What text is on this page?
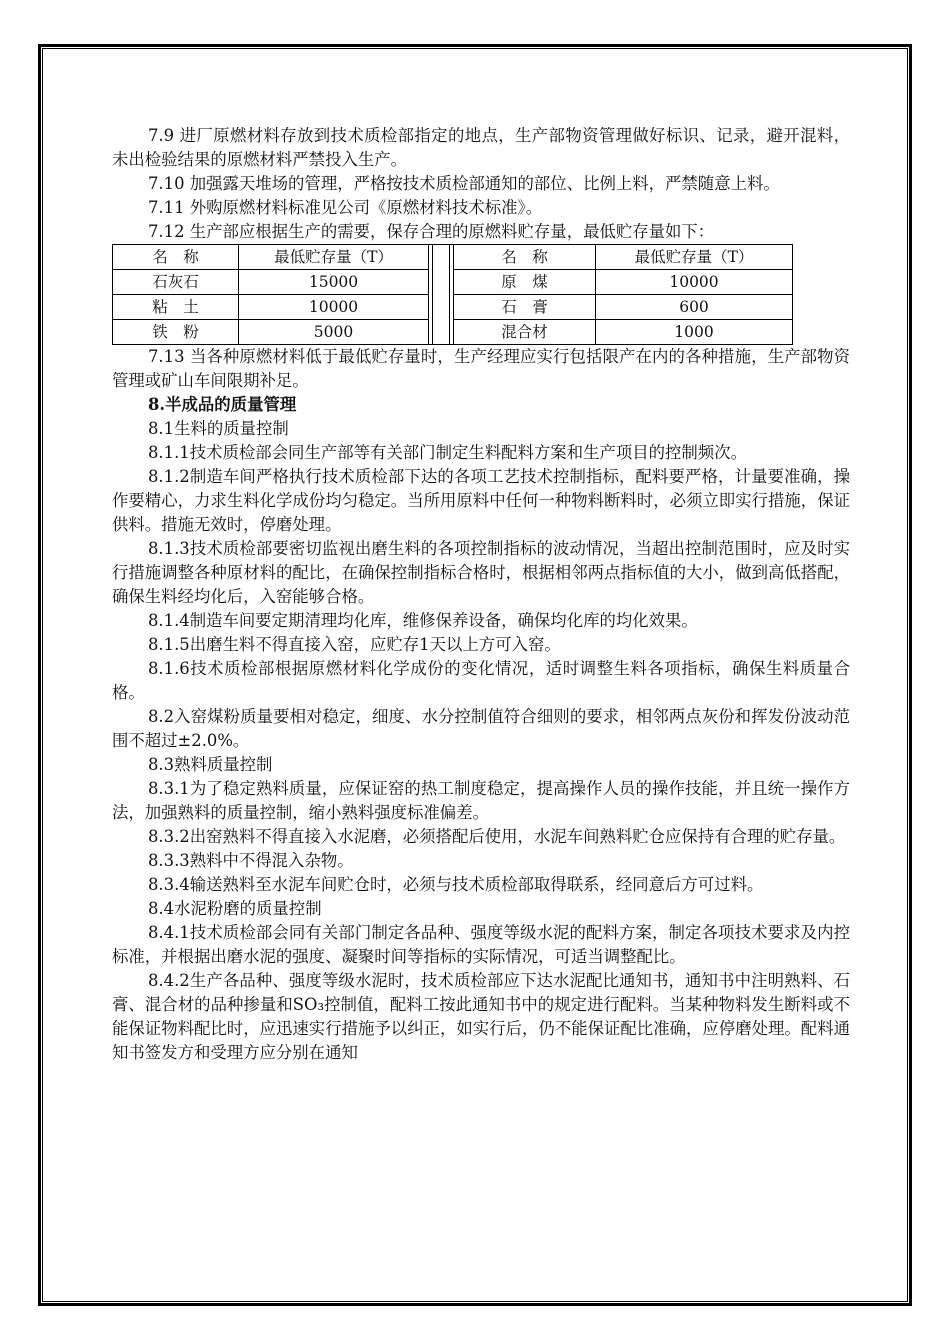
7.9 进厂原燃材料存放到技术质检部指定的地点，生产部物资管理做好标识、记录，避开混料，未出检验结果的原燃材料严禁投入生产。

7.10 加强露天堆场的管理，严格按技术质检部通知的部位、比例上料，严禁随意上料。

7.11 外购原燃材料标准见公司《原燃材料技术标准》。

7.12 生产部应根据生产的需要，保存合理的原燃料贮存量，最低贮存量如下：

名　称	最低贮存量（T）
石灰石	15000
粘　土	10000
铁　粉	5000
名　称	最低贮存量（T）
原　煤	10000
石　膏	600
混合材	1000

7.13 当各种原燃材料低于最低贮存量时，生产经理应实行包括限产在内的各种措施，生产部物资管理或矿山车间限期补足。

8.半成品的质量管理

8.1生料的质量控制

8.1.1技术质检部会同生产部等有关部门制定生料配料方案和生产项目的控制频次。

8.1.2制造车间严格执行技术质检部下达的各项工艺技术控制指标，配料要严格，计量要准确，操作要精心，力求生料化学成份均匀稳定。当所用原料中任何一种物料断料时，必须立即实行措施，保证供料。措施无效时，停磨处理。

8.1.3技术质检部要密切监视出磨生料的各项控制指标的波动情况，当超出控制范围时，应及时实行措施调整各种原材料的配比，在确保控制指标合格时，根据相邻两点指标值的大小，做到高低搭配，确保生料经均化后，入窑能够合格。

8.1.4制造车间要定期清理均化库，维修保养设备，确保均化库的均化效果。

8.1.5出磨生料不得直接入窑，应贮存1天以上方可入窑。

8.1.6技术质检部根据原燃材料化学成份的变化情况，适时调整生料各项指标，确保生料质量合格。

8.2入窑煤粉质量要相对稳定，细度、水分控制值符合细则的要求，相邻两点灰份和挥发份波动范围不超过±2.0%。

8.3熟料质量控制

8.3.1为了稳定熟料质量，应保证窑的热工制度稳定，提高操作人员的操作技能，并且统一操作方法，加强熟料的质量控制，缩小熟料强度标准偏差。

8.3.2出窑熟料不得直接入水泥磨，必须搭配后使用，水泥车间熟料贮仓应保持有合理的贮存量。

8.3.3熟料中不得混入杂物。

8.3.4输送熟料至水泥车间贮仓时，必须与技术质检部取得联系，经同意后方可过料。

8.4水泥粉磨的质量控制

8.4.1技术质检部会同有关部门制定各品种、强度等级水泥的配料方案，制定各项技术要求及内控标准，并根据出磨水泥的强度、凝聚时间等指标的实际情况，可适当调整配比。

8.4.2生产各品种、强度等级水泥时，技术质检部应下达水泥配比通知书，通知书中注明熟料、石膏、混合材的品种掺量和SO₃控制值，配料工按此通知书中的规定进行配料。当某种物料发生断料或不能保证物料配比时，应迅速实行措施予以纠正，如实行后，仍不能保证配比准确，应停磨处理。配料通知书签发方和受理方应分别在通知
